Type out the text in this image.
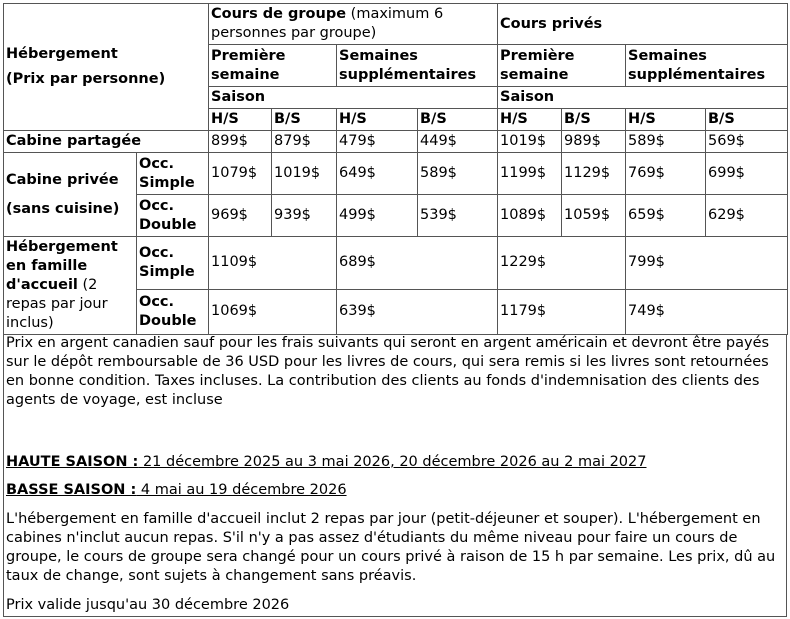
Hébergement
(Prix par personne)		Cours de groupe (maximum 6 personnes par groupe)				Cours privés			
		Première semaine		Semaines supplémentaires		Première semaine		Semaines supplémentaires	
		Saison				Saison			
		H/S	B/S	H/S	B/S	H/S	B/S	H/S	B/S
Cabine partagée		899$	879$	479$	449$	1019$	989$	589$	569$

Cabine privée
(sans cuisine)	Occ. Simple	1079$	1019$	649$	589$	1199$	1129$	769$	699$
	Occ. Double	969$	939$	499$	539$	1089$	1059$	659$	629$
Hébergement en famille d'accueil (2 repas par jour inclus)	Occ. Simple	1109$		689$		1229$		799$	
	Occ. Double	1069$		639$		1179$		749$	
Prix en argent canadien sauf pour les frais suivants qui seront en argent américain et devront être payés sur le dépôt remboursable de 36 USD pour les livres de cours, qui sera remis si les livres sont retournées en bonne condition. Taxes incluses. La contribution des clients au fonds d'indemnisation des clients des agents de voyage, est incluse
HAUTE SAISON : 21 décembre 2025 au 3 mai 2026, 20 décembre 2026 au 2 mai 2027
BASSE SAISON : 4 mai au 19 décembre 2026
L'hébergement en famille d'accueil inclut 2 repas par jour (petit-déjeuner et souper). L'hébergement en cabines n'inclut aucun repas. S'il n'y a pas assez d'étudiants du même niveau pour faire un cours de groupe, le cours de groupe sera changé pour un cours privé à raison de 15 h par semaine. Les prix, dû au taux de change, sont sujets à changement sans préavis.
Prix valide jusqu'au 30 décembre 2026
